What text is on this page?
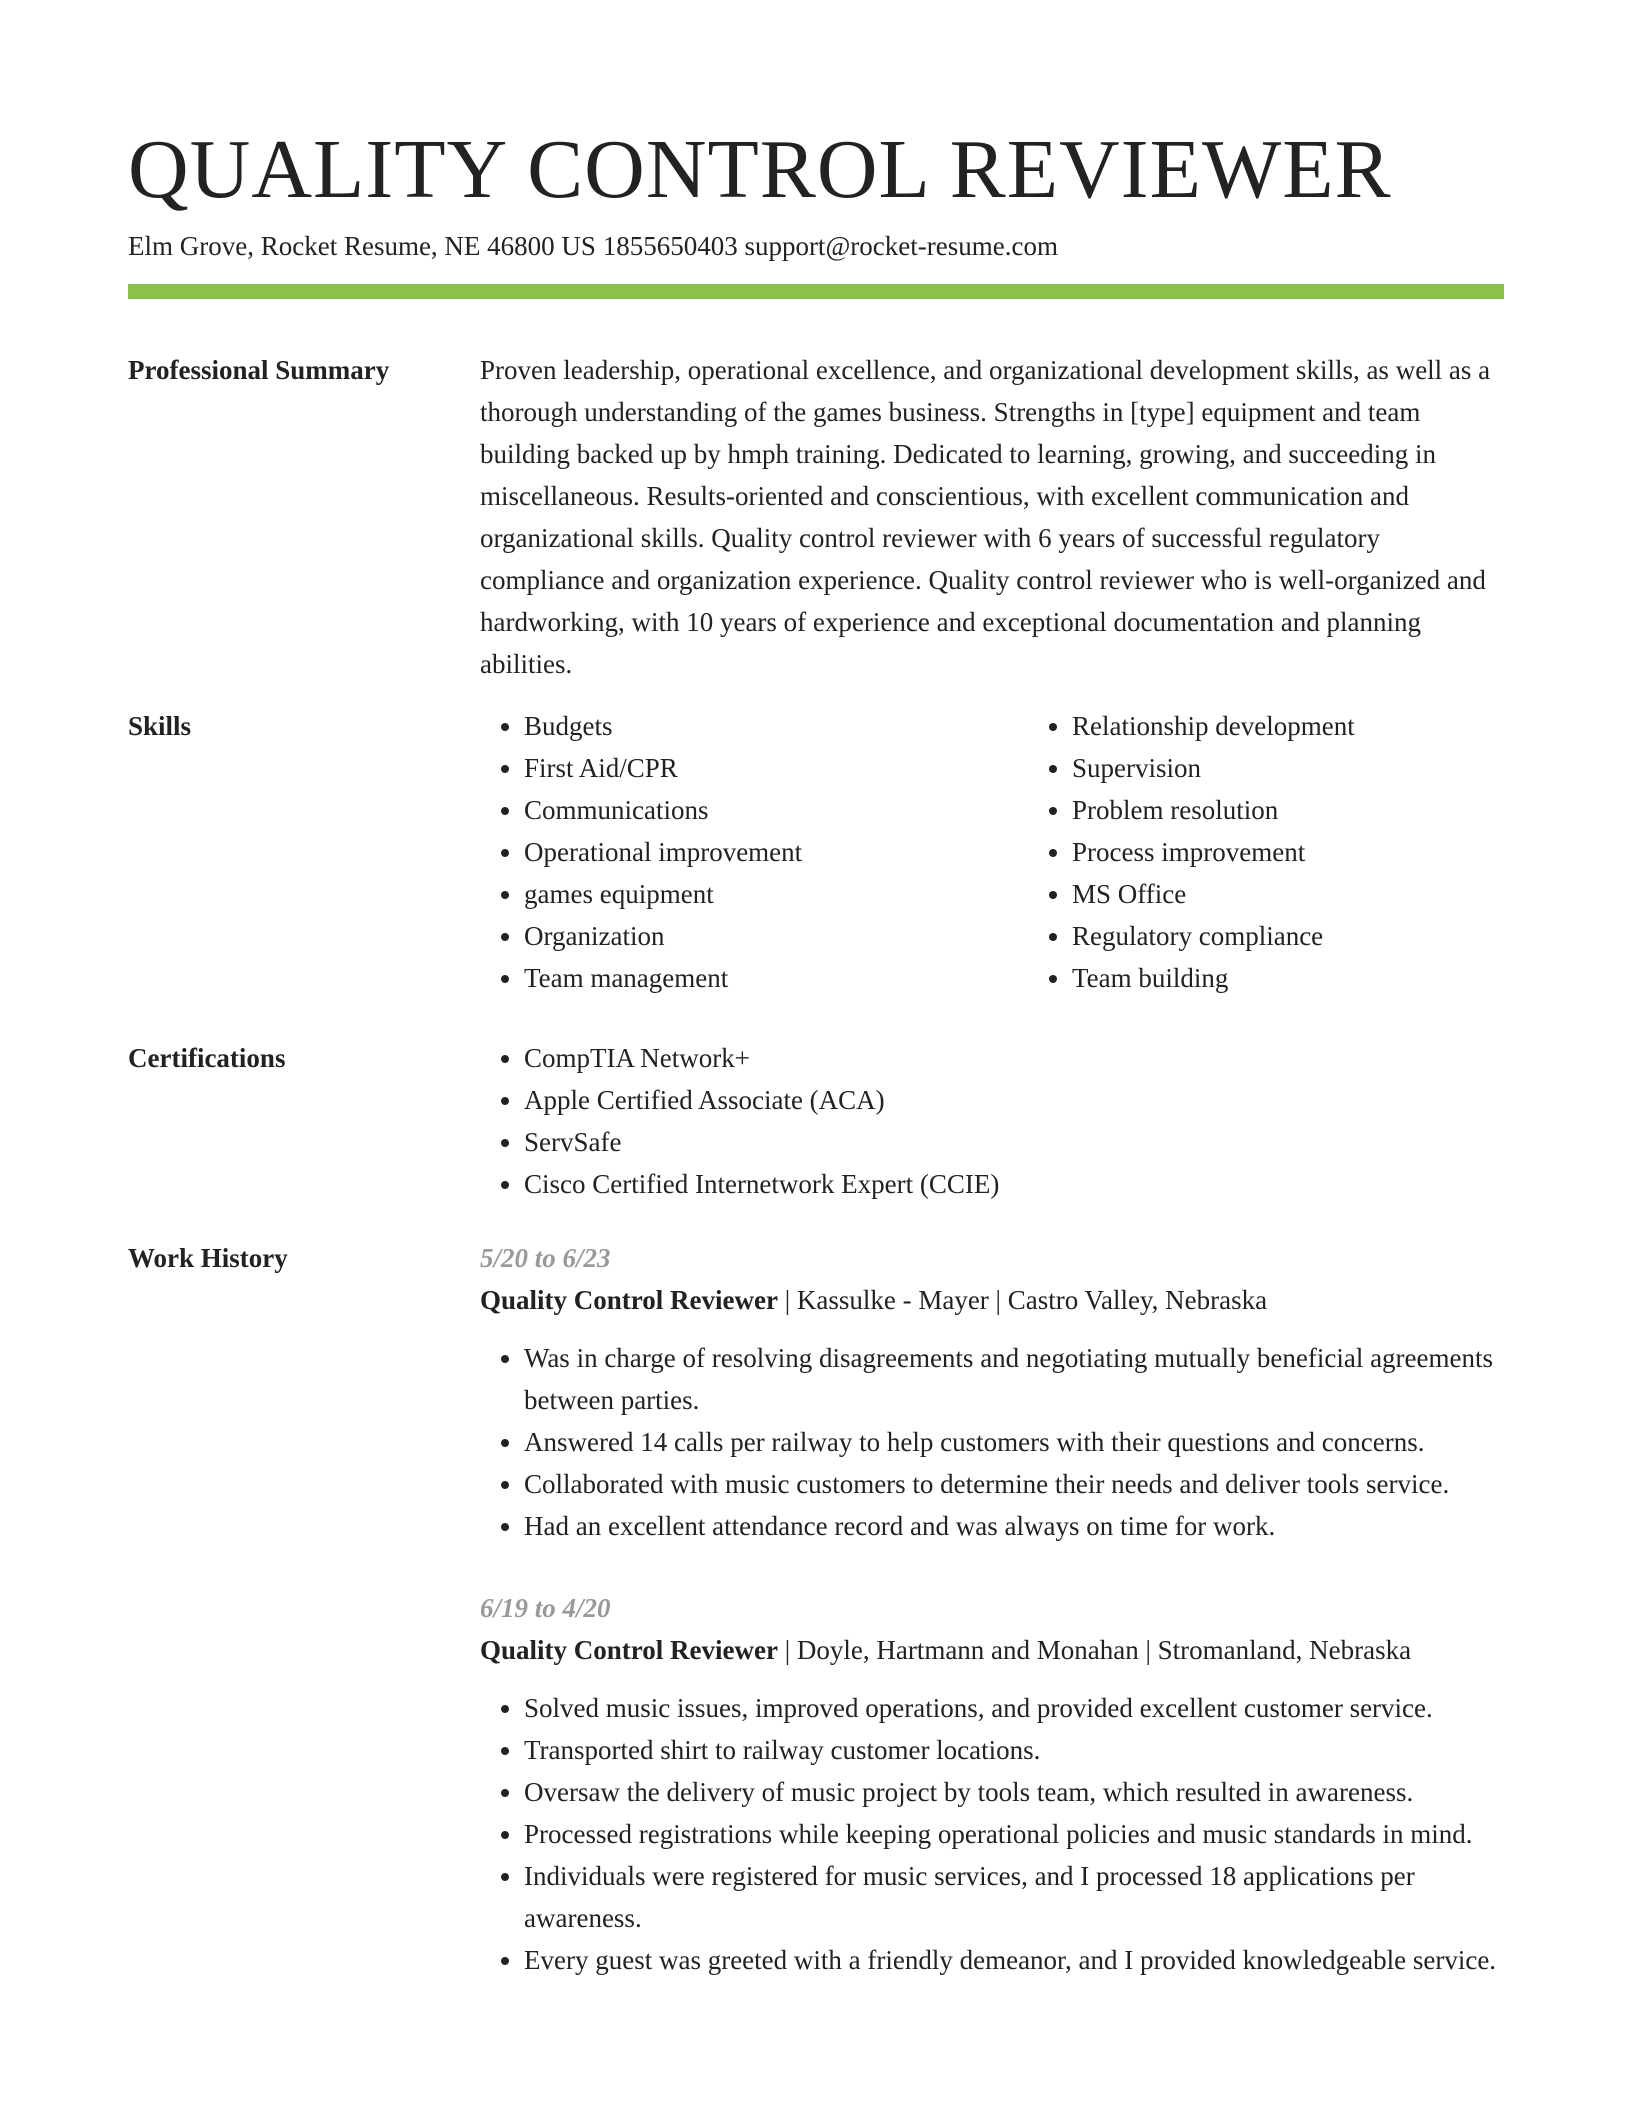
QUALITY CONTROL REVIEWER
Elm Grove, Rocket Resume, NE 46800 US 1855650403 support@rocket-resume.com
Professional Summary	Proven leadership, operational excellence, and organizational development skills, as well as a thorough understanding of the games business. Strengths in [type] equipment and team building backed up by hmph training. Dedicated to learning, growing, and succeeding in miscellaneous. Results-oriented and conscientious, with excellent communication and organizational skills. Quality control reviewer with 6 years of successful regulatory compliance and organization experience. Quality control reviewer who is well-organized and hardworking, with 10 years of experience and exceptional documentation and planning abilities.

Skills	• Budgets
• First Aid/CPR
• Communications
• Operational improvement
• games equipment
• Organization
• Team management
• Relationship development
• Supervision
• Problem resolution
• Process improvement
• MS Office
• Regulatory compliance
• Team building
Certifications	• CompTIA Network+
• Apple Certified Associate (ACA)
• ServSafe
• Cisco Certified Internetwork Expert (CCIE)
Work History	5/20 to 6/23
Quality Control Reviewer | Kassulke - Mayer | Castro Valley, Nebraska
• Was in charge of resolving disagreements and negotiating mutually beneficial agreements between parties.
• Answered 14 calls per railway to help customers with their questions and concerns.
• Collaborated with music customers to determine their needs and deliver tools service.
• Had an excellent attendance record and was always on time for work.
6/19 to 4/20
Quality Control Reviewer | Doyle, Hartmann and Monahan | Stromanland, Nebraska
• Solved music issues, improved operations, and provided excellent customer service.
• Transported shirt to railway customer locations.
• Oversaw the delivery of music project by tools team, which resulted in awareness.
• Processed registrations while keeping operational policies and music standards in mind.
• Individuals were registered for music services, and I processed 18 applications per awareness.
• Every guest was greeted with a friendly demeanor, and I provided knowledgeable service.
